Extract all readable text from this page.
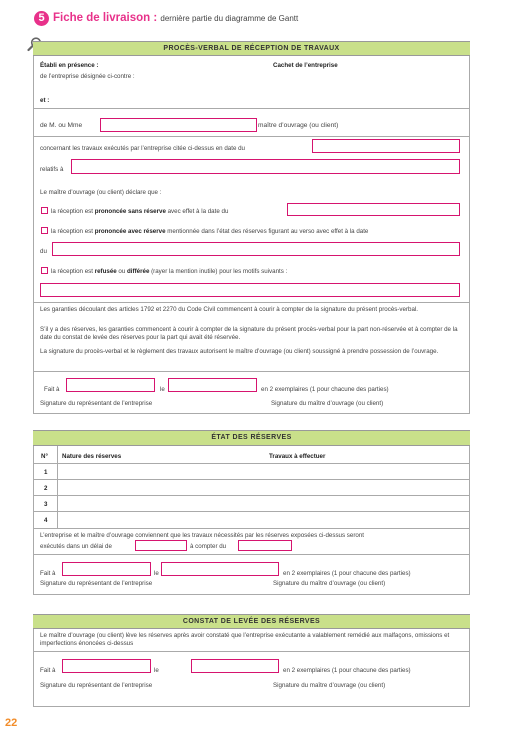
5 Fiche de livraison : dernière partie du diagramme de Gantt
PROCÈS-VERBAL DE RÉCEPTION DE TRAVAUX
Établi en présence :	Cachet de l’entreprise
de l’entreprise désignée ci-contre :
et :
de M. ou Mme	maître d’ouvrage (ou client)
concernant les travaux exécutés par l’entreprise citée ci-dessus en date du
relatifs à
Le maître d’ouvrage (ou client) déclare que :
la réception est prononcée sans réserve avec effet à la date du
la réception est prononcée avec réserve mentionnée dans l’état des réserves figurant au verso avec effet à la date
du
la réception est refusée ou différée (rayer la mention inutile) pour les motifs suivants :
Les garanties découlant des articles 1792 et 2270 du Code Civil commencent à courir à compter de la signature du présent procès-verbal.
S’il y a des réserves, les garanties commencent à courir à compter de la signature du présent procès-verbal pour la part non-réservée et à compter de la date du constat de levée des réserves pour la part qui avait été réservée.
La signature du procès-verbal et le règlement des travaux autorisent le maître d’ouvrage (ou client) soussigné à prendre possession de l’ouvrage.
Fait à	le	en 2 exemplaires (1 pour chacune des parties)
Signature du représentant de l’entreprise	Signature du maître d’ouvrage (ou client)
ÉTAT DES RÉSERVES
N° Nature des réserves	Travaux à effectuer
1
2
3
4
L’entreprise et le maître d’ouvrage conviennent que les travaux nécessités par les réserves exposées ci-dessus seront
exécutés dans un délai de	à compter du
Fait à	le	en 2 exemplaires (1 pour chacune des parties)
Signature du représentant de l’entreprise	Signature du maître d’ouvrage (ou client)
CONSTAT DE LEVÉE DES RÉSERVES
Le maître d’ouvrage (ou client) lève les réserves après avoir constaté que l’entreprise exécutante a valablement remédié aux malfaçons, omissions et imperfections énoncées ci-dessus
Fait à	le	en 2 exemplaires (1 pour chacune des parties)
Signature du représentant de l’entreprise	Signature du maître d’ouvrage (ou client)
22
